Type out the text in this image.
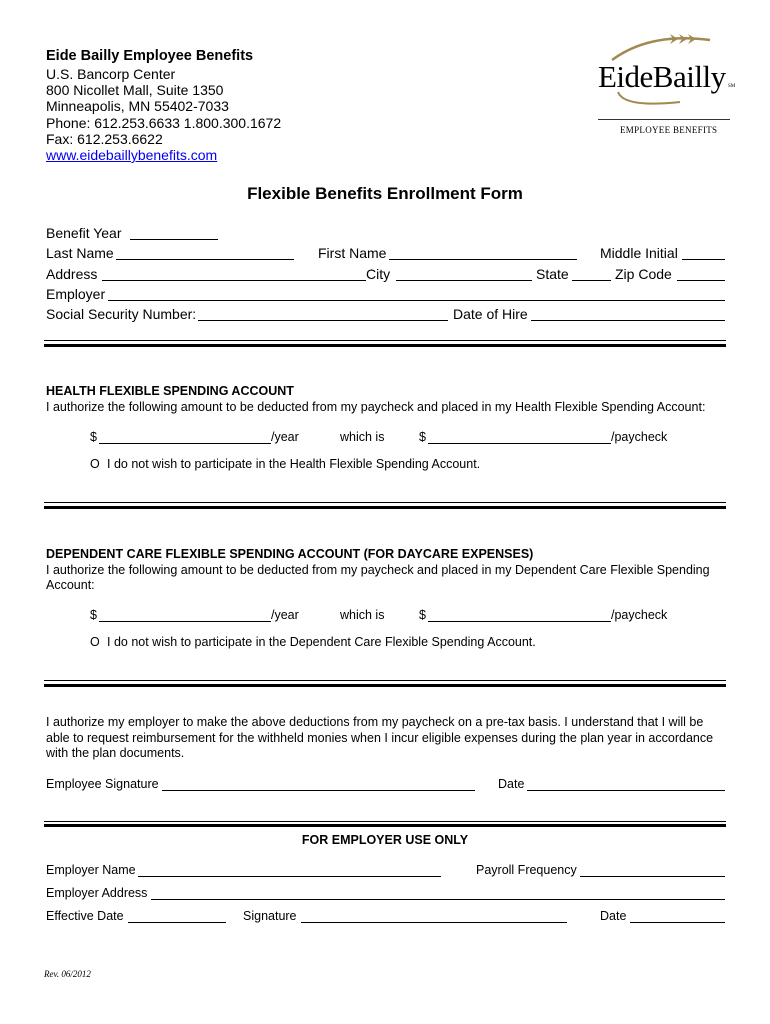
Eide Bailly Employee Benefits
U.S. Bancorp Center
800 Nicollet Mall, Suite 1350
Minneapolis, MN 55402-7033
Phone: 612.253.6633 1.800.300.1672
Fax: 612.253.6622
www.eidebaillybenefits.com
EideBailly SM
EMPLOYEE BENEFITS
Flexible Benefits Enrollment Form
Benefit Year
Last Name	First Name	Middle Initial
Address	City	State	Zip Code
Employer
Social Security Number:	Date of Hire
HEALTH FLEXIBLE SPENDING ACCOUNT
I authorize the following amount to be deducted from my paycheck and placed in my Health Flexible Spending Account:
$	/year	which is	$	/paycheck
O I do not wish to participate in the Health Flexible Spending Account.
DEPENDENT CARE FLEXIBLE SPENDING ACCOUNT (FOR DAYCARE EXPENSES)
I authorize the following amount to be deducted from my paycheck and placed in my Dependent Care Flexible Spending
Account:
$	/year	which is	$	/paycheck
O I do not wish to participate in the Dependent Care Flexible Spending Account.
I authorize my employer to make the above deductions from my paycheck on a pre-tax basis. I understand that I will be able to request reimbursement for the withheld monies when I incur eligible expenses during the plan year in accordance with the plan documents.
Employee Signature	Date
FOR EMPLOYER USE ONLY
Employer Name	Payroll Frequency
Employer Address
Effective Date	Signature	Date
Rev. 06/2012
